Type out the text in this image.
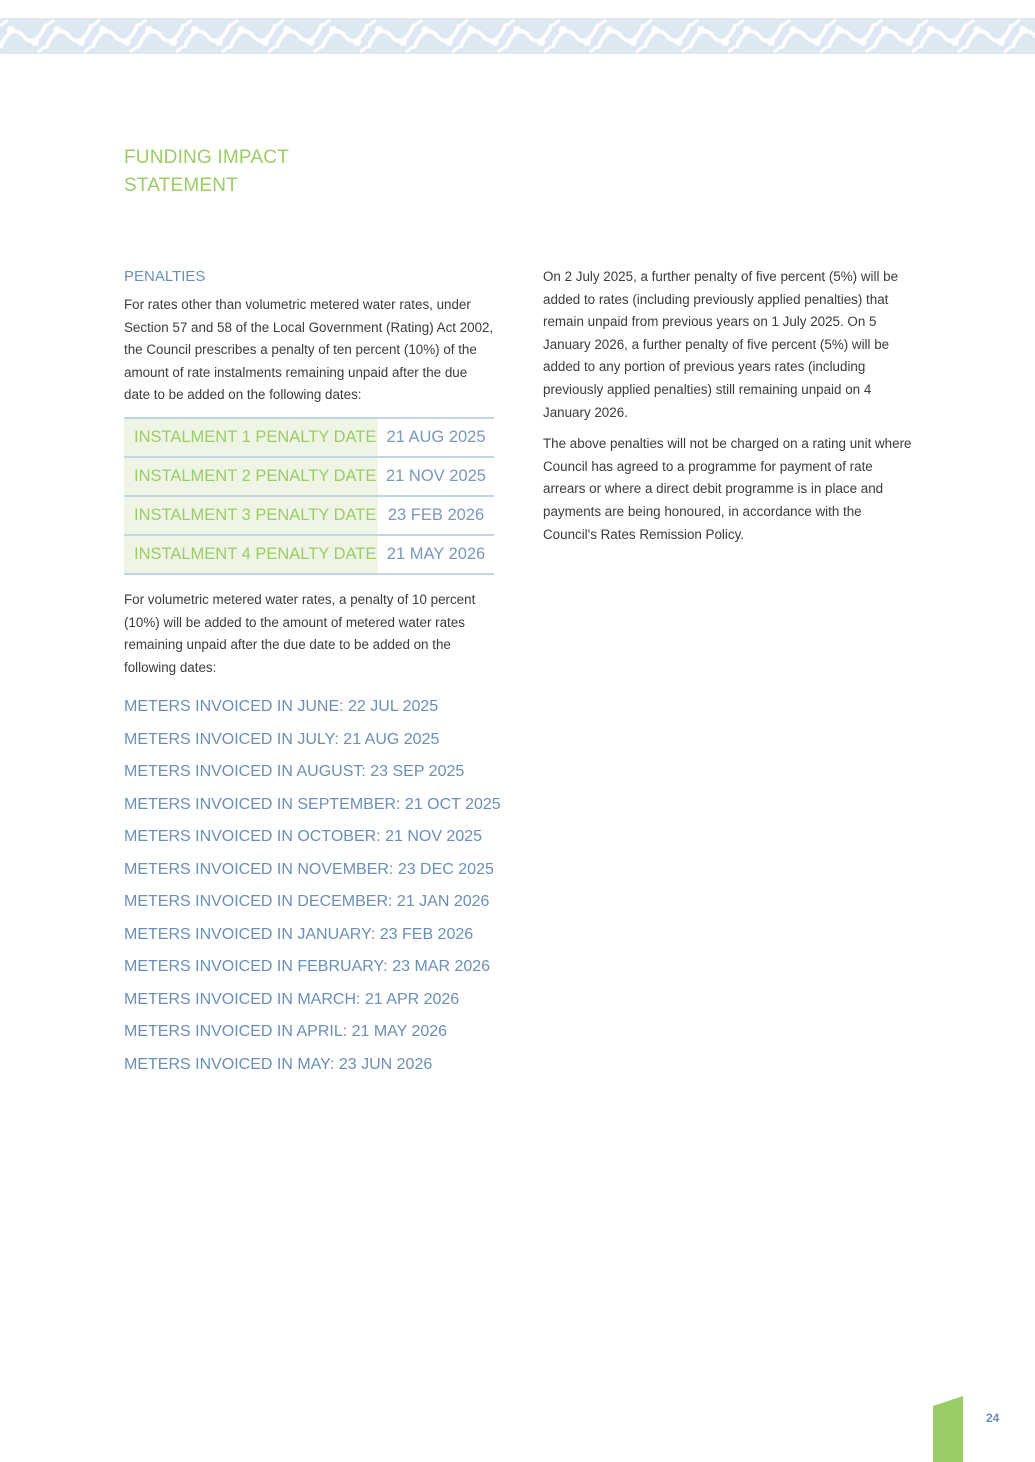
FUNDING IMPACT
STATEMENT
PENALTIES

For rates other than volumetric metered water rates, under Section 57 and 58 of the Local Government (Rating) Act 2002, the Council prescribes a penalty of ten percent (10%) of the amount of rate instalments remaining unpaid after the due date to be added on the following dates:

INSTALMENT 1 PENALTY DATE	21 AUG 2025
INSTALMENT 2 PENALTY DATE	21 NOV 2025
INSTALMENT 3 PENALTY DATE	23 FEB 2026
INSTALMENT 4 PENALTY DATE	21 MAY 2026

For volumetric metered water rates, a penalty of 10 percent (10%) will be added to the amount of metered water rates remaining unpaid after the due date to be added on the following dates:

METERS INVOICED IN JUNE: 22 JUL 2025
METERS INVOICED IN JULY: 21 AUG 2025
METERS INVOICED IN AUGUST: 23 SEP 2025
METERS INVOICED IN SEPTEMBER: 21 OCT 2025
METERS INVOICED IN OCTOBER: 21 NOV 2025
METERS INVOICED IN NOVEMBER: 23 DEC 2025
METERS INVOICED IN DECEMBER: 21 JAN 2026
METERS INVOICED IN JANUARY: 23 FEB 2026
METERS INVOICED IN FEBRUARY: 23 MAR 2026
METERS INVOICED IN MARCH: 21 APR 2026
METERS INVOICED IN APRIL: 21 MAY 2026
METERS INVOICED IN MAY: 23 JUN 2026

On 2 July 2025, a further penalty of five percent (5%) will be added to rates (including previously applied penalties) that remain unpaid from previous years on 1 July 2025. On 5 January 2026, a further penalty of five percent (5%) will be added to any portion of previous years rates (including previously applied penalties) still remaining unpaid on 4 January 2026.

The above penalties will not be charged on a rating unit where Council has agreed to a programme for payment of rate arrears or where a direct debit programme is in place and payments are being honoured, in accordance with the Council's Rates Remission Policy.

24
